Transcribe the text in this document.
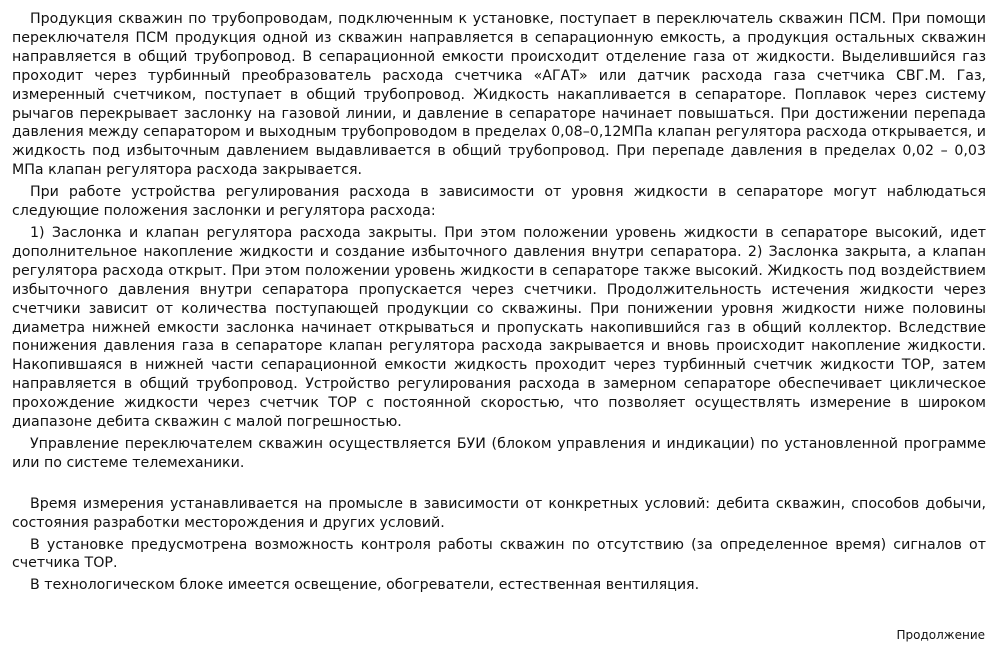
Продукция скважин по трубопроводам, подключенным к установке, поступает в переключатель скважин ПСМ. При помощи переключателя ПСМ продукция одной из скважин направляется в сепарационную емкость, а продукция остальных скважин направляется в общий трубопровод. В сепарационной емкости происходит отделение газа от жидкости. Выделившийся газ проходит через турбинный преобразователь расхода счетчика «АГАТ» или датчик расхода газа счетчика СВГ.М. Газ, измеренный счетчиком, поступает в общий трубопровод. Жидкость накапливается в сепараторе. Поплавок через систему рычагов перекрывает заслонку на газовой линии, и давление в сепараторе начинает повышаться. При достижении перепада давления между сепаратором и выходным трубопроводом в пределах 0,08–0,12МПа клапан регулятора расхода открывается, и жидкость под избыточным давлением выдавливается в общий трубопровод. При перепаде давления в пределах 0,02 – 0,03 МПа клапан регулятора расхода закрывается.

При работе устройства регулирования расхода в зависимости от уровня жидкости в сепараторе могут наблюдаться следующие положения заслонки и регулятора расхода:

1) Заслонка и клапан регулятора расхода закрыты. При этом положении уровень жидкости в сепараторе высокий, идет дополнительное накопление жидкости и создание избыточного давления внутри сепаратора. 2) Заслонка закрыта, а клапан регулятора расхода открыт. При этом положении уровень жидкости в сепараторе также высокий. Жидкость под воздействием избыточного давления внутри сепаратора пропускается через счетчики. Продолжительность истечения жидкости через счетчики зависит от количества поступающей продукции со скважины. При понижении уровня жидкости ниже половины диаметра нижней емкости заслонка начинает открываться и пропускать накопившийся газ в общий коллектор. Вследствие понижения давления газа в сепараторе клапан регулятора расхода закрывается и вновь происходит накопление жидкости. Накопившаяся в нижней части сепарационной емкости жидкость проходит через турбинный счетчик жидкости ТОР, затем направляется в общий трубопровод. Устройство регулирования расхода в замерном сепараторе обеспечивает циклическое прохождение жидкости через счетчик ТОР с постоянной скоростью, что позволяет осуществлять измерение в широком диапазоне дебита скважин с малой погрешностью.

Управление переключателем скважин осуществляется БУИ (блоком управления и индикации) по установленной программе или по системе телемеханики.

Время измерения устанавливается на промысле в зависимости от конкретных условий: дебита скважин, способов добычи, состояния разработки месторождения и других условий.

В установке предусмотрена возможность контроля работы скважин по отсутствию (за определенное время) сигналов от счетчика ТОР.

В технологическом блоке имеется освещение, обогреватели, естественная вентиляция.

Продолжение
